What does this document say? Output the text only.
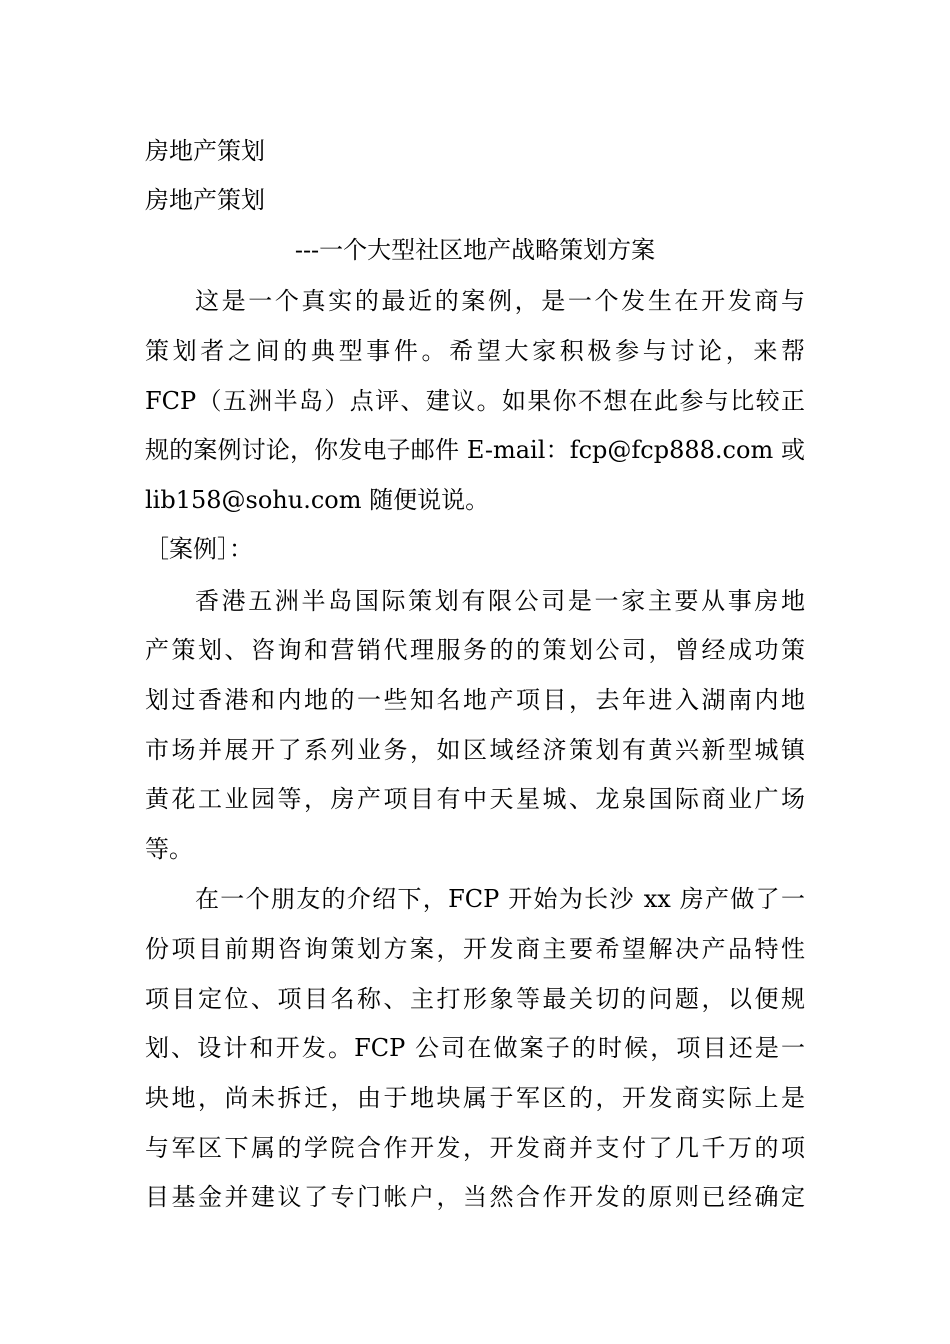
房地产策划
房地产策划
---一个大型社区地产战略策划方案
这是一个真实的最近的案例，是一个发生在开发商与
策划者之间的典型事件。希望大家积极参与讨论，来帮
FCP（五洲半岛）点评、建议。如果你不想在此参与比较正
规的案例讨论，你发电子邮件 E-mail：fcp@fcp888.com 或
lib158@sohu.com 随便说说。
［案例］：
香港五洲半岛国际策划有限公司是一家主要从事房地
产策划、咨询和营销代理服务的的策划公司，曾经成功策
划过香港和内地的一些知名地产项目，去年进入湖南内地
市场并展开了系列业务，如区域经济策划有黄兴新型城镇
黄花工业园等，房产项目有中天星城、龙泉国际商业广场
等。
在一个朋友的介绍下，FCP 开始为长沙 xx 房产做了一
份项目前期咨询策划方案，开发商主要希望解决产品特性
项目定位、项目名称、主打形象等最关切的问题，以便规
划、设计和开发。FCP 公司在做案子的时候，项目还是一
块地，尚未拆迁，由于地块属于军区的，开发商实际上是
与军区下属的学院合作开发，开发商并支付了几千万的项
目基金并建议了专门帐户，当然合作开发的原则已经确定
